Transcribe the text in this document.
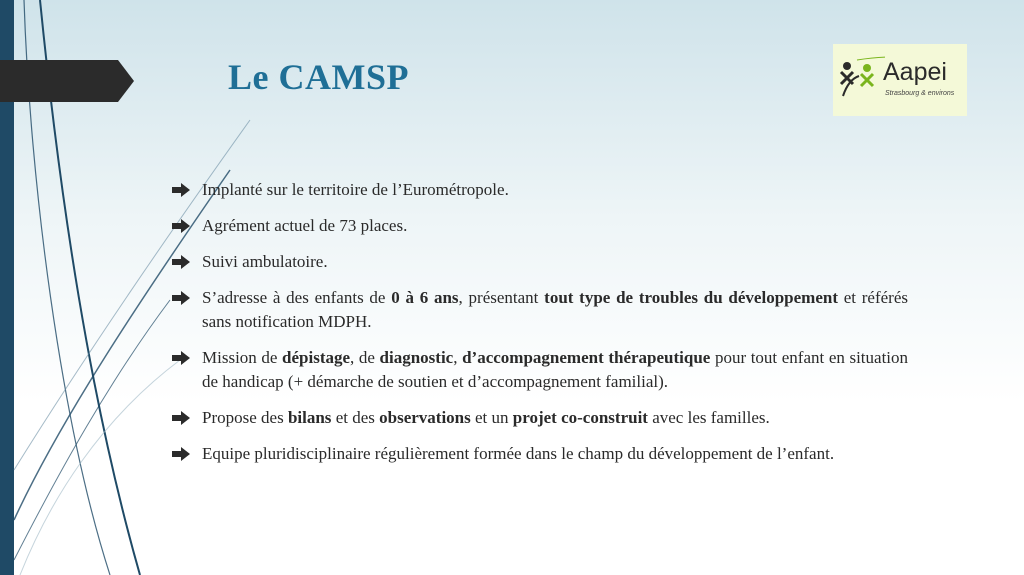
Le CAMSP	Aapei
Strasbourg & environs
Implanté sur le territoire de l’Eurométropole.
Agrément actuel de 73 places.
Suivi ambulatoire.
S’adresse à des enfants de 0 à 6 ans, présentant tout type de troubles du développement et référés sans notification MDPH.
Mission de dépistage, de diagnostic, d’accompagnement thérapeutique pour tout enfant en situation de handicap (+ démarche de soutien et d’accompagnement familial).
Propose des bilans et des observations et un projet co-construit avec les familles.
Equipe pluridisciplinaire régulièrement formée dans le champ du développement de l’enfant.
